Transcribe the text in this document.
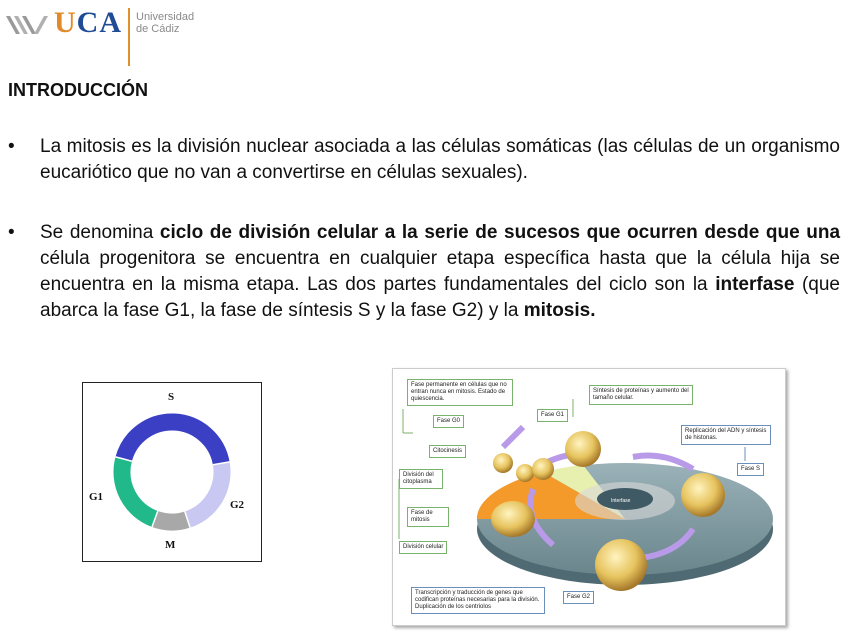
UCA Universidad
de Cádiz
INTRODUCCIÓN
• La mitosis es la división nuclear asociada a las células somáticas (las células de un organismo eucariótico que no van a convertirse en células sexuales).

• Se denomina ciclo de división celular a la serie de sucesos que ocurren desde que una célula progenitora se encuentra en cualquier etapa específica hasta que la célula hija se encuentra en la misma etapa. Las dos partes fundamentales del ciclo son la interfase (que abarca la fase G1, la fase de síntesis S y la fase G2) y la mitosis.

S
G1
G2
M
Interfase
Fase permanente en células que no entran nunca en mitosis. Estado de quiescencia.
Fase G0
Fase G1
Síntesis de proteínas y aumento del tamaño celular.
Replicación del ADN y síntesis de histonas.
Fase S
Citocinesis
División del citoplasma
Fase de mitosis
División celular
Transcripción y traducción de genes que codifican proteínas necesarias para la división. Duplicación de los centriolos
Fase G2
